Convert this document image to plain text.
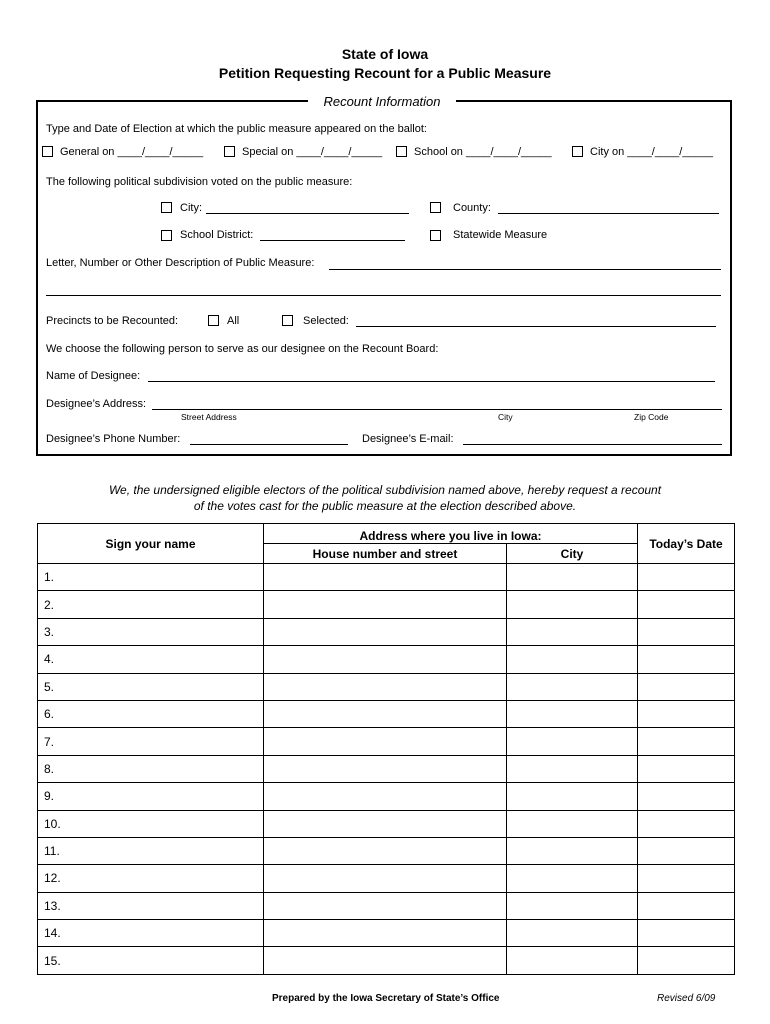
State of Iowa
Petition Requesting Recount for a Public Measure
Recount Information
Type and Date of Election at which the public measure appeared on the ballot:
General on ____/____/_____	Special on ____/____/_____	School on ____/____/_____	City on ____/____/_____
The following political subdivision voted on the public measure:
City:	County:
School District:	Statewide Measure
Letter, Number or Other Description of Public Measure:
Precincts to be Recounted:	All	Selected:
We choose the following person to serve as our designee on the Recount Board:
Name of Designee:
Designee’s Address:
Street Address	City	Zip Code
Designee’s Phone Number:	Designee’s E-mail:
We, the undersigned eligible electors of the political subdivision named above, hereby request a recount
of the votes cast for the public measure at the election described above.
Sign your name	Address where you live in Iowa:		Today’s Date
	House number and street	City	
1.			
2.			
3.			
4.			
5.			
6.			
7.			
8.			
9.			
10.			
11.			
12.			
13.			
14.			
15.			
Prepared by the Iowa Secretary of State’s Office	Revised 6/09
